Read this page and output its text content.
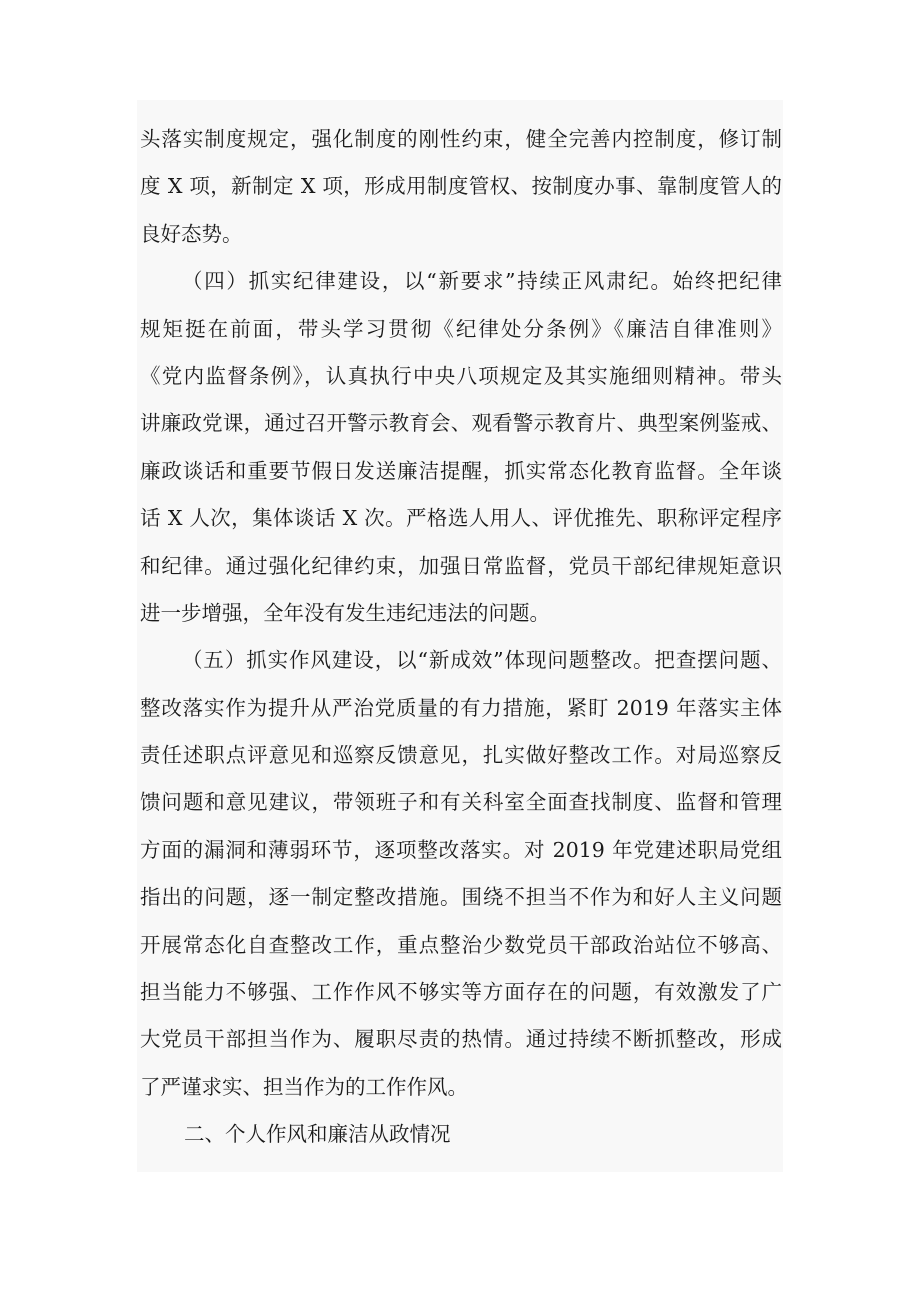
头落实制度规定，强化制度的刚性约束，健全完善内控制度，修订制
度 X 项，新制定 X 项，形成用制度管权、按制度办事、靠制度管人的
良好态势。
（四）抓实纪律建设，以“新要求”持续正风肃纪。始终把纪律
规矩挺在前面，带头学习贯彻《纪律处分条例》《廉洁自律准则》
《党内监督条例》，认真执行中央八项规定及其实施细则精神。带头
讲廉政党课，通过召开警示教育会、观看警示教育片、典型案例鉴戒、
廉政谈话和重要节假日发送廉洁提醒，抓实常态化教育监督。全年谈
话 X 人次，集体谈话 X 次。严格选人用人、评优推先、职称评定程序
和纪律。通过强化纪律约束，加强日常监督，党员干部纪律规矩意识
进一步增强，全年没有发生违纪违法的问题。
（五）抓实作风建设，以“新成效”体现问题整改。把查摆问题、
整改落实作为提升从严治党质量的有力措施，紧盯 2019 年落实主体
责任述职点评意见和巡察反馈意见，扎实做好整改工作。对局巡察反
馈问题和意见建议，带领班子和有关科室全面查找制度、监督和管理
方面的漏洞和薄弱环节，逐项整改落实。对 2019 年党建述职局党组
指出的问题，逐一制定整改措施。围绕不担当不作为和好人主义问题
开展常态化自查整改工作，重点整治少数党员干部政治站位不够高、
担当能力不够强、工作作风不够实等方面存在的问题，有效激发了广
大党员干部担当作为、履职尽责的热情。通过持续不断抓整改，形成
了严谨求实、担当作为的工作作风。
二、个人作风和廉洁从政情况
